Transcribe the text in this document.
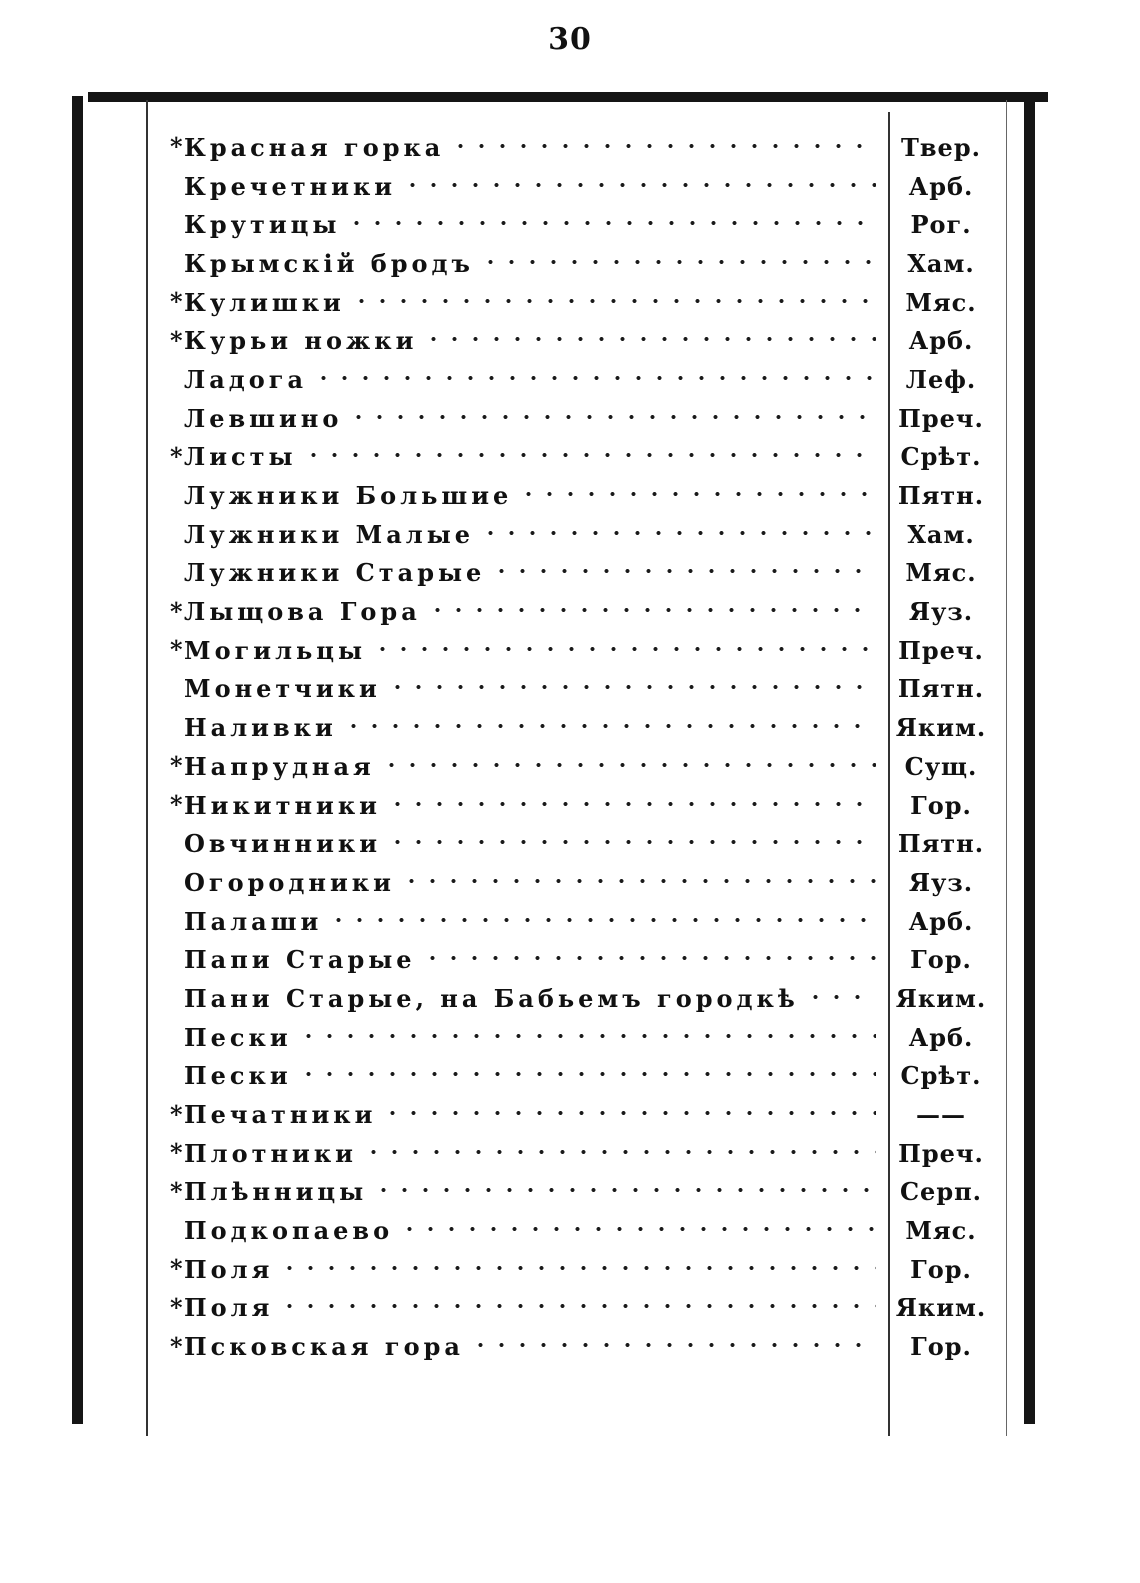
30
* Красная горка	Твер.
Кречетники	Арб.
Крутицы	Рог.
Крымскій бродъ	Хам.
* Кулишки	Мяс.
* Курьи ножки	Арб.
Ладога	Леф.
Левшино	Преч.
* Листы	Срѣт.
Лужники Большие	Пятн.
Лужники Малые	Хам.
Лужники Старые	Мяс.
* Лыщова Гора	Яуз.
* Могильцы	Преч.
Монетчики	Пятн.
Наливки	Яким.
* Напрудная	Сущ.
* Никитники	Гор.
Овчинники	Пятн.
Огородники	Яуз.
Палаши	Арб.
Папи Старые	Гор.
Пани Старые, на Бабьемъ городкѣ	Яким.
Пески	Арб.
Пески	Срѣт.
* Печатники	——
* Плотники	Преч.
* Плѣнницы	Серп.
Подкопаево	Мяс.
* Поля	Гор.
* Поля	Яким.
* Псковская гора	Гор.
